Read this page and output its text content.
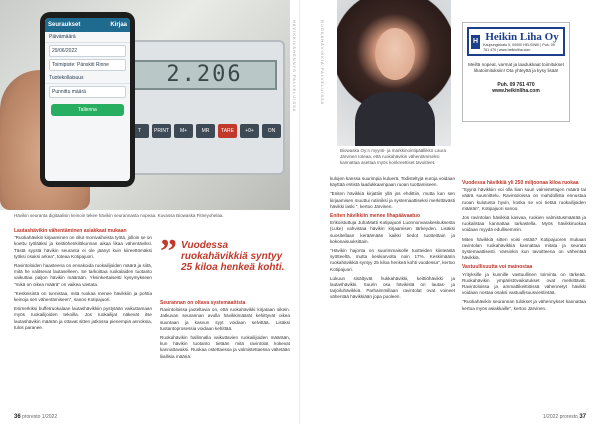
2.206
T	PRINT	M+	MR	TARE	+0+	ON
Seuraukset	Kirjaa
Päivämäärä
29/06/2022
Toimipiste: Pänskiti Rinne
Tuotekollaisuus
Punnittu määrä
Tallenna	HÄVIKKIVÄHENNYS PALVELUISSA
Hävikin seuranta digitaalisin keinoin tekee hävikin seurannasta nopeaa. Kuvassa Biowaska Fitneyohelaa.
Lautashävikin vähentäminen asiakkaat mukaan

"Ruokahävikin kirjaaminen on ollut monivaiheista työtä, jolloin se on koettu työlääksi ja keittiöhenkilökunnan aikaa likaa vähentäviksi. Tästä syystä hävikin seuranta ei ole jäänyt kuin kiireettömäksi työksi osaksi arkea", toteaa Kotipajuori.

Ravintoloiden haasteena on ennakoida ruokailijoiden määrä ja siitä, mitä he valitsevat lautaselleen. Se tarkoittaa ruokalaiden tuotanto vaikuttaa paljon hävikin määrään. Yksinkertaisesti kysymykseen "mikä on oikea määrä" on vaikea vastata.

"Keskeisintä on tunnistaa, mitä ruokaa menee hävikkiin ja pohtia keinoja sen vähentämiseen", sanoo Kotipajuori.

Esimerkiksi buffetruokalaan lautashävikkiin pystytään vaikuttamaan myös ruokailijoiden tekoilla. Jos ruokailijat näkevät itse lautashävikin määrän ja ottavat sitten jatkossa pienempiä annoksia, tulos paranee.

” Vuodessa ruokahävikkiä syntyy 25 kiloa henkeä kohti.
Seurannan on oltava systemaattista

Ravintoloissa jaoteltavia on, että ruokahävikki kirjataan oikein. Jatkuvan seurannan avulla hävikkimäärät kehittyvät oikea suuntaan ja kasvun syyt voidaan selvittää. Lisäksi tuotantoprosessia voidaan kehittää.

Ruokahävikin hallinnalla vaikuttavien ruokailijoiden määrään, kun hävikin tuotanto tietään mitä ravintolat kokevat kannattavaksi. Ruokaa ostettaessa ja valmistettaessa vältetään liiallisia määriä.

36 proresto 1/2022
RUOKAHÄVIKKIÄ PALVELUISSA
Biowaska Oy:n myynti- ja markkinointipäällikkö Laura Järvinen toteaa, että ruokahävikin vähentämiseksi kannattaa asettaa myös konkreettiset tavoitteet.
H Heikin Liha Oy
Kaupunginkatu 5, 00000 HELSINKI | Puh. 09 761 470 | www.heikinliha.com
Meiltä nopeat, varmat ja laadukkaat toimitukset lihatoimituksiin! Ota yhteyttä ja kysy lisää!
Puh. 09 761 470
www.heikinliha.com

kulujen kanssa suurimpia kuluerä. Todisteltyjä euroja voidaan käyttää entistä laadukkaampaan ruoan tuottamiseen.

"Eniten hävikkiä kirjattiin yllä jos ehdittiin, mutta kun sen kirjaamisen muuttui rutiiniksi ja systemaattiseksi merkittävästi hävikki laski ", kertoo Järvinen.

Eniten hävikkiin menee lihapäävaatuo

Erikoistuttuja JuhaMatti Kotipajuori Luonnonvarakeskuksesta (Luke) vahvistaa hävikin kirjaamisen tärkeyden. Lisäksi suositellaan keräämään kaikki tiedot tuotteittain ja kokonaisuuksittain.

"Hävikin hajonta on suurimmaisolle tuotteiden kiinteästä syötteeltä, mutta keskiarvolta noin 17%. Keskimäärin ruokahävikkiä syntyy 25 kiloa henkeä kohti vuodessa", kertoo Kotipajuori.

Lukuun sisältyvät hukkahävikki, keittiöhävikki ja lautashävikki. Suurin osa hävikistä on lautas- ja tarjoiluhävikkiä. Parhaimmillaan ravintolat ovat voineet vähentää hävikkiään jopa puoleen.

Vuodessa hävikkiä yli 250 miljoonaa kiloa ruokaa

"Syynä hävikkiin voi olla liian suuri valmistettujen määrä tai väärä suunnittelu. Ravintoloissa on mahdollista ennustaa ruoan kulutusta hyvin, koska se voi tietää ruokailijoiden määrän", Kotipajuori sanoo.

Jos ravintolan hävikkiä kasvaa, ruokien valmistusmäärää ja ruokalistaa kannattaa tarkastella. Myös hävikkiruokaa voidaan myydä edullisemmin.

Miten hävikkiä sitten voisi estää? Kotipajuoren mukaan ravintolan ruokahävikkiä kannattaa mitata ja seurata systemaattisesti. Varsinkin kun tavoitteena on vähentää hävikkiä.

Vastuullisuutta voi mainostaa

Yrityksille ja kunnille vastuullinen toiminta on tärkeää. Ruokahävikin ympäristövaikutukset ovat merkittävät. Ravintoloissa ja ammattikeittiöissä vähennetyt hävikki voidaan nostaa osaksi vastuullisuusviestintää.

"Ruokahävikin seurannan tulokset ja vähennykset kannattaa kertoa myös asiakkaille", kertoo Järvinen.

1/2022 proresto 37
